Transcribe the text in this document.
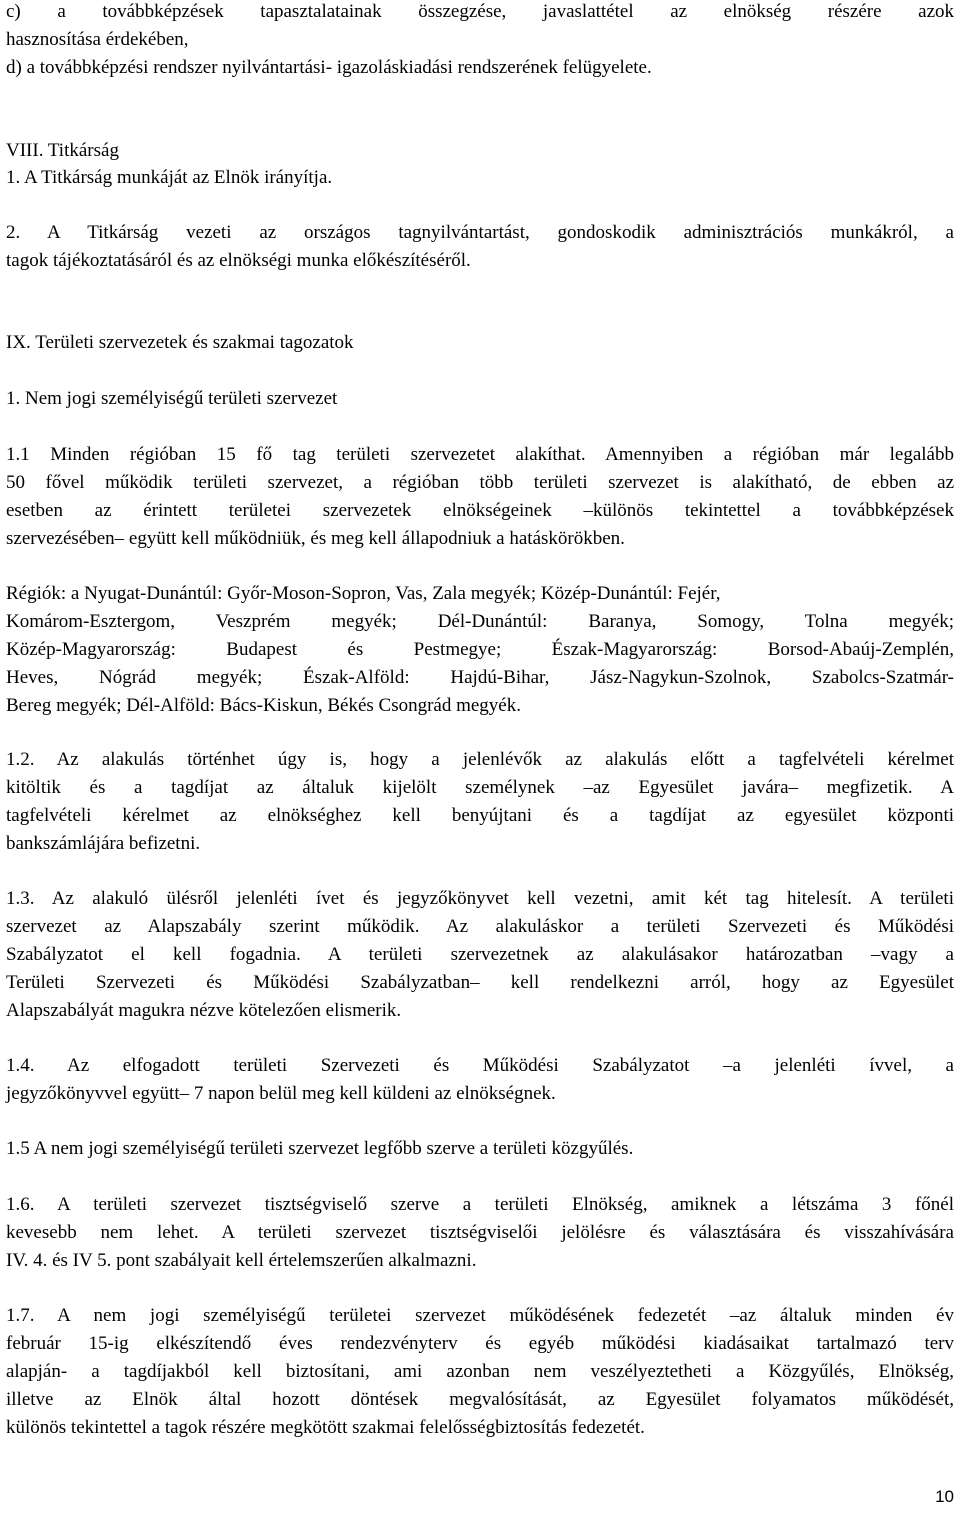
c) a továbbképzések tapasztalatainak összegzése, javaslattétel az elnökség részére azok
hasznosítása érdekében,
d) a továbbképzési rendszer nyilvántartási- igazoláskiadási rendszerének felügyelete.
VIII. Titkárság
1. A Titkárság munkáját az Elnök irányítja.
2. A Titkárság vezeti az országos tagnyilvántartást, gondoskodik adminisztrációs munkákról, a
tagok tájékoztatásáról és az elnökségi munka előkészítéséről.
IX. Területi szervezetek és szakmai tagozatok
1. Nem jogi személyiségű területi szervezet
1.1 Minden régióban 15 fő tag területi szervezetet alakíthat. Amennyiben a régióban már legalább
50 fővel működik területi szervezet, a régióban több területi szervezet is alakítható, de ebben az
esetben az érintett területei szervezetek elnökségeinek –különös tekintettel a továbbképzések
szervezésében– együtt kell működniük, és meg kell állapodniuk a hatáskörökben.
Régiók: a Nyugat-Dunántúl: Győr-Moson-Sopron, Vas, Zala megyék; Közép-Dunántúl: Fejér,
Komárom-Esztergom, Veszprém megyék; Dél-Dunántúl: Baranya, Somogy, Tolna megyék;
Közép-Magyarország: Budapest és Pestmegye; Észak-Magyarország: Borsod-Abaúj-Zemplén,
Heves, Nógrád megyék; Észak-Alföld: Hajdú-Bihar, Jász-Nagykun-Szolnok, Szabolcs-Szatmár-
Bereg megyék; Dél-Alföld: Bács-Kiskun, Békés Csongrád megyék.
1.2. Az alakulás történhet úgy is, hogy a jelenlévők az alakulás előtt a tagfelvételi kérelmet
kitöltik és a tagdíjat az általuk kijelölt személynek –az Egyesület javára– megfizetik. A
tagfelvételi kérelmet az elnökséghez kell benyújtani és a tagdíjat az egyesület központi
bankszámlájára befizetni.
1.3. Az alakuló ülésről jelenléti ívet és jegyzőkönyvet kell vezetni, amit két tag hitelesít. A területi
szervezet az Alapszabály szerint működik. Az alakuláskor a területi Szervezeti és Működési
Szabályzatot el kell fogadnia. A területi szervezetnek az alakulásakor határozatban –vagy a
Területi Szervezeti és Működési Szabályzatban– kell rendelkezni arról, hogy az Egyesület
Alapszabályát magukra nézve kötelezően elismerik.
1.4. Az elfogadott területi Szervezeti és Működési Szabályzatot –a jelenléti ívvel, a
jegyzőkönyvvel együtt– 7 napon belül meg kell küldeni az elnökségnek.
1.5 A nem jogi személyiségű területi szervezet legfőbb szerve a területi közgyűlés.
1.6. A területi szervezet tisztségviselő szerve a területi Elnökség, amiknek a létszáma 3 főnél
kevesebb nem lehet. A területi szervezet tisztségviselői jelölésre és választására és visszahívására
IV. 4. és IV 5. pont szabályait kell értelemszerűen alkalmazni.
1.7. A nem jogi személyiségű területei szervezet működésének fedezetét –az általuk minden év
február 15-ig elkészítendő éves rendezvényterv és egyéb működési kiadásaikat tartalmazó terv
alapján- a tagdíjakból kell biztosítani, ami azonban nem veszélyeztetheti a Közgyűlés, Elnökség,
illetve az Elnök által hozott döntések megvalósítását, az Egyesület folyamatos működését,
különös tekintettel a tagok részére megkötött szakmai felelősségbiztosítás fedezetét.
10
